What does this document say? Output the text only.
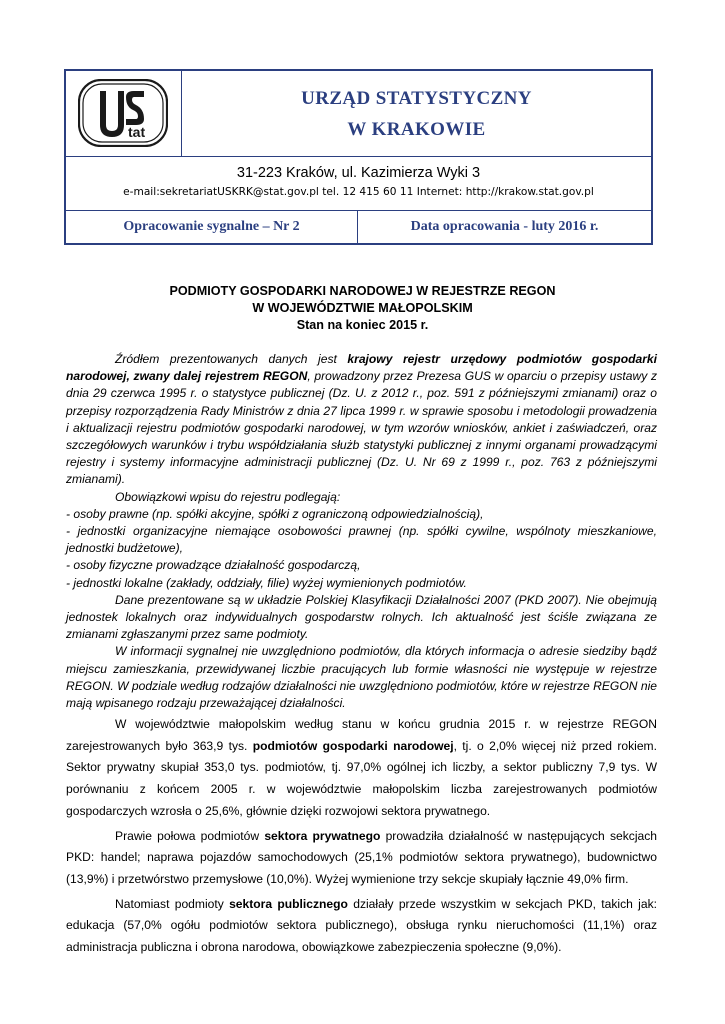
tat
URZĄD STATYSTYCZNY
W KRAKOWIE
31-223 Kraków, ul. Kazimierza Wyki 3
e-mail:sekretariatUSKRK@stat.gov.pl tel. 12 415 60 11 Internet: http://krakow.stat.gov.pl
Opracowanie sygnalne – Nr 2	Data opracowania - luty 2016 r.
PODMIOTY GOSPODARKI NARODOWEJ W REJESTRZE REGON
W WOJEWÓDZTWIE MAŁOPOLSKIM
Stan na koniec 2015 r.

Źródłem prezentowanych danych jest krajowy rejestr urzędowy podmiotów gospodarki narodowej, zwany dalej rejestrem REGON, prowadzony przez Prezesa GUS w oparciu o przepisy ustawy z dnia 29 czerwca 1995 r. o statystyce publicznej (Dz. U. z 2012 r., poz. 591 z późniejszymi zmianami) oraz o przepisy rozporządzenia Rady Ministrów z dnia 27 lipca 1999 r. w sprawie sposobu i metodologii prowadzenia i aktualizacji rejestru podmiotów gospodarki narodowej, w tym wzorów wniosków, ankiet i zaświadczeń, oraz szczegółowych warunków i trybu współdziałania służb statystyki publicznej z innymi organami prowadzącymi rejestry i systemy informacyjne administracji publicznej (Dz. U. Nr 69 z 1999 r., poz. 763 z późniejszymi zmianami).

Obowiązkowi wpisu do rejestru podlegają:

- osoby prawne (np. spółki akcyjne, spółki z ograniczoną odpowiedzialnością),

- jednostki organizacyjne niemające osobowości prawnej (np. spółki cywilne, wspólnoty mieszkaniowe, jednostki budżetowe),

- osoby fizyczne prowadzące działalność gospodarczą,

- jednostki lokalne (zakłady, oddziały, filie) wyżej wymienionych podmiotów.

Dane prezentowane są w układzie Polskiej Klasyfikacji Działalności 2007 (PKD 2007). Nie obejmują jednostek lokalnych oraz indywidualnych gospodarstw rolnych. Ich aktualność jest ściśle związana ze zmianami zgłaszanymi przez same podmioty.

W informacji sygnalnej nie uwzględniono podmiotów, dla których informacja o adresie siedziby bądź miejscu zamieszkania, przewidywanej liczbie pracujących lub formie własności nie występuje w rejestrze REGON. W podziale według rodzajów działalności nie uwzględniono podmiotów, które w rejestrze REGON nie mają wpisanego rodzaju przeważającej działalności.

W województwie małopolskim według stanu w końcu grudnia 2015 r. w rejestrze REGON zarejestrowanych było 363,9 tys. podmiotów gospodarki narodowej, tj. o 2,0% więcej niż przed rokiem. Sektor prywatny skupiał 353,0 tys. podmiotów, tj. 97,0% ogólnej ich liczby, a sektor publiczny 7,9 tys. W porównaniu z końcem 2005 r. w województwie małopolskim liczba zarejestrowanych podmiotów gospodarczych wzrosła o 25,6%, głównie dzięki rozwojowi sektora prywatnego.

Prawie połowa podmiotów sektora prywatnego prowadziła działalność w następujących sekcjach PKD: handel; naprawa pojazdów samochodowych (25,1% podmiotów sektora prywatnego), budownictwo (13,9%) i przetwórstwo przemysłowe (10,0%). Wyżej wymienione trzy sekcje skupiały łącznie 49,0% firm.

Natomiast podmioty sektora publicznego działały przede wszystkim w sekcjach PKD, takich jak: edukacja (57,0% ogółu podmiotów sektora publicznego), obsługa rynku nieruchomości (11,1%) oraz administracja publiczna i obrona narodowa, obowiązkowe zabezpieczenia społeczne (9,0%).
